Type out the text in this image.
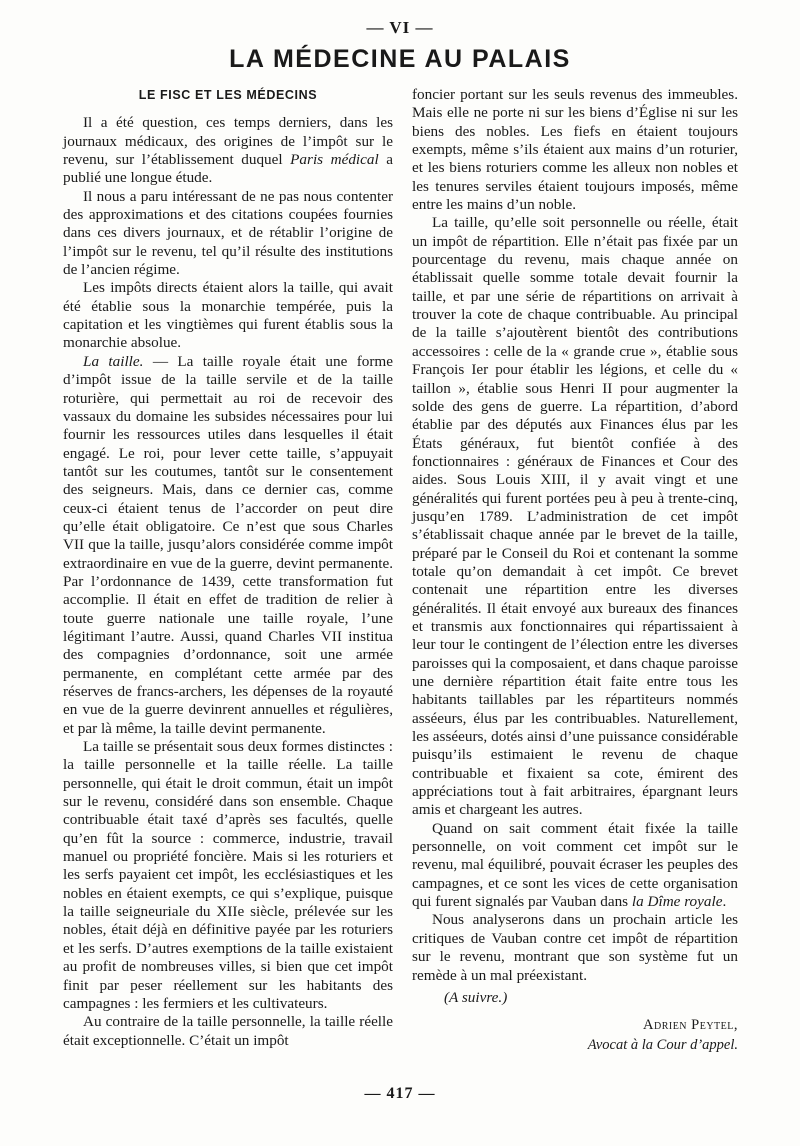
— VI —
LA MÉDECINE AU PALAIS
LE FISC ET LES MÉDECINS

Il a été question, ces temps derniers, dans les journaux médicaux, des origines de l’impôt sur le revenu, sur l’établissement duquel Paris médical a publié une longue étude.

Il nous a paru intéressant de ne pas nous contenter des approximations et des citations coupées fournies dans ces divers journaux, et de rétablir l’origine de l’impôt sur le revenu, tel qu’il résulte des institutions de l’ancien régime.

Les impôts directs étaient alors la taille, qui avait été établie sous la monarchie tempérée, puis la capitation et les vingtièmes qui furent établis sous la monarchie absolue.

La taille. — La taille royale était une forme d’impôt issue de la taille servile et de la taille roturière, qui permettait au roi de recevoir des vassaux du domaine les subsides nécessaires pour lui fournir les ressources utiles dans lesquelles il était engagé. Le roi, pour lever cette taille, s’appuyait tantôt sur les coutumes, tantôt sur le consentement des seigneurs. Mais, dans ce dernier cas, comme ceux-ci étaient tenus de l’accorder on peut dire qu’elle était obligatoire. Ce n’est que sous Charles VII que la taille, jusqu’alors considérée comme impôt extraordinaire en vue de la guerre, devint permanente. Par l’ordonnance de 1439, cette transformation fut accomplie. Il était en effet de tradition de relier à toute guerre nationale une taille royale, l’une légitimant l’autre. Aussi, quand Charles VII institua des compagnies d’ordonnance, soit une armée permanente, en complétant cette armée par des réserves de francs-archers, les dépenses de la royauté en vue de la guerre devinrent annuelles et régulières, et par là même, la taille devint permanente.

La taille se présentait sous deux formes distinctes : la taille personnelle et la taille réelle. La taille personnelle, qui était le droit commun, était un impôt sur le revenu, considéré dans son ensemble. Chaque contribuable était taxé d’après ses facultés, quelle qu’en fût la source : commerce, industrie, travail manuel ou propriété foncière. Mais si les roturiers et les serfs payaient cet impôt, les ecclésiastiques et les nobles en étaient exempts, ce qui s’explique, puisque la taille seigneuriale du XIIe siècle, prélevée sur les nobles, était déjà en définitive payée par les roturiers et les serfs. D’autres exemptions de la taille existaient au profit de nombreuses villes, si bien que cet impôt finit par peser réellement sur les habitants des campagnes : les fermiers et les cultivateurs.

Au contraire de la taille personnelle, la taille réelle était exceptionnelle. C’était un impôt

foncier portant sur les seuls revenus des immeubles. Mais elle ne porte ni sur les biens d’Église ni sur les biens des nobles. Les fiefs en étaient toujours exempts, même s’ils étaient aux mains d’un roturier, et les biens roturiers comme les alleux non nobles et les tenures serviles étaient toujours imposés, même entre les mains d’un noble.

La taille, qu’elle soit personnelle ou réelle, était un impôt de répartition. Elle n’était pas fixée par un pourcentage du revenu, mais chaque année on établissait quelle somme totale devait fournir la taille, et par une série de répartitions on arrivait à trouver la cote de chaque contribuable. Au principal de la taille s’ajoutèrent bientôt des contributions accessoires : celle de la « grande crue », établie sous François Ier pour établir les légions, et celle du « taillon », établie sous Henri II pour augmenter la solde des gens de guerre. La répartition, d’abord établie par des députés aux Finances élus par les États généraux, fut bientôt confiée à des fonctionnaires : généraux de Finances et Cour des aides. Sous Louis XIII, il y avait vingt et une généralités qui furent portées peu à peu à trente-cinq, jusqu’en 1789. L’administration de cet impôt s’établissait chaque année par le brevet de la taille, préparé par le Conseil du Roi et contenant la somme totale qu’on demandait à cet impôt. Ce brevet contenait une répartition entre les diverses généralités. Il était envoyé aux bureaux des finances et transmis aux fonctionnaires qui répartissaient à leur tour le contingent de l’élection entre les diverses paroisses qui la composaient, et dans chaque paroisse une dernière répartition était faite entre tous les habitants taillables par les répartiteurs nommés asséeurs, élus par les contribuables. Naturellement, les asséeurs, dotés ainsi d’une puissance considérable puisqu’ils estimaient le revenu de chaque contribuable et fixaient sa cote, émirent des appréciations tout à fait arbitraires, épargnant leurs amis et chargeant les autres.

Quand on sait comment était fixée la taille personnelle, on voit comment cet impôt sur le revenu, mal équilibré, pouvait écraser les peuples des campagnes, et ce sont les vices de cette organisation qui furent signalés par Vauban dans la Dîme royale.

Nous analyserons dans un prochain article les critiques de Vauban contre cet impôt de répartition sur le revenu, montrant que son système fut un remède à un mal préexistant.

(A suivre.)
Adrien Peytel,
Avocat à la Cour d’appel.
— 417 —
